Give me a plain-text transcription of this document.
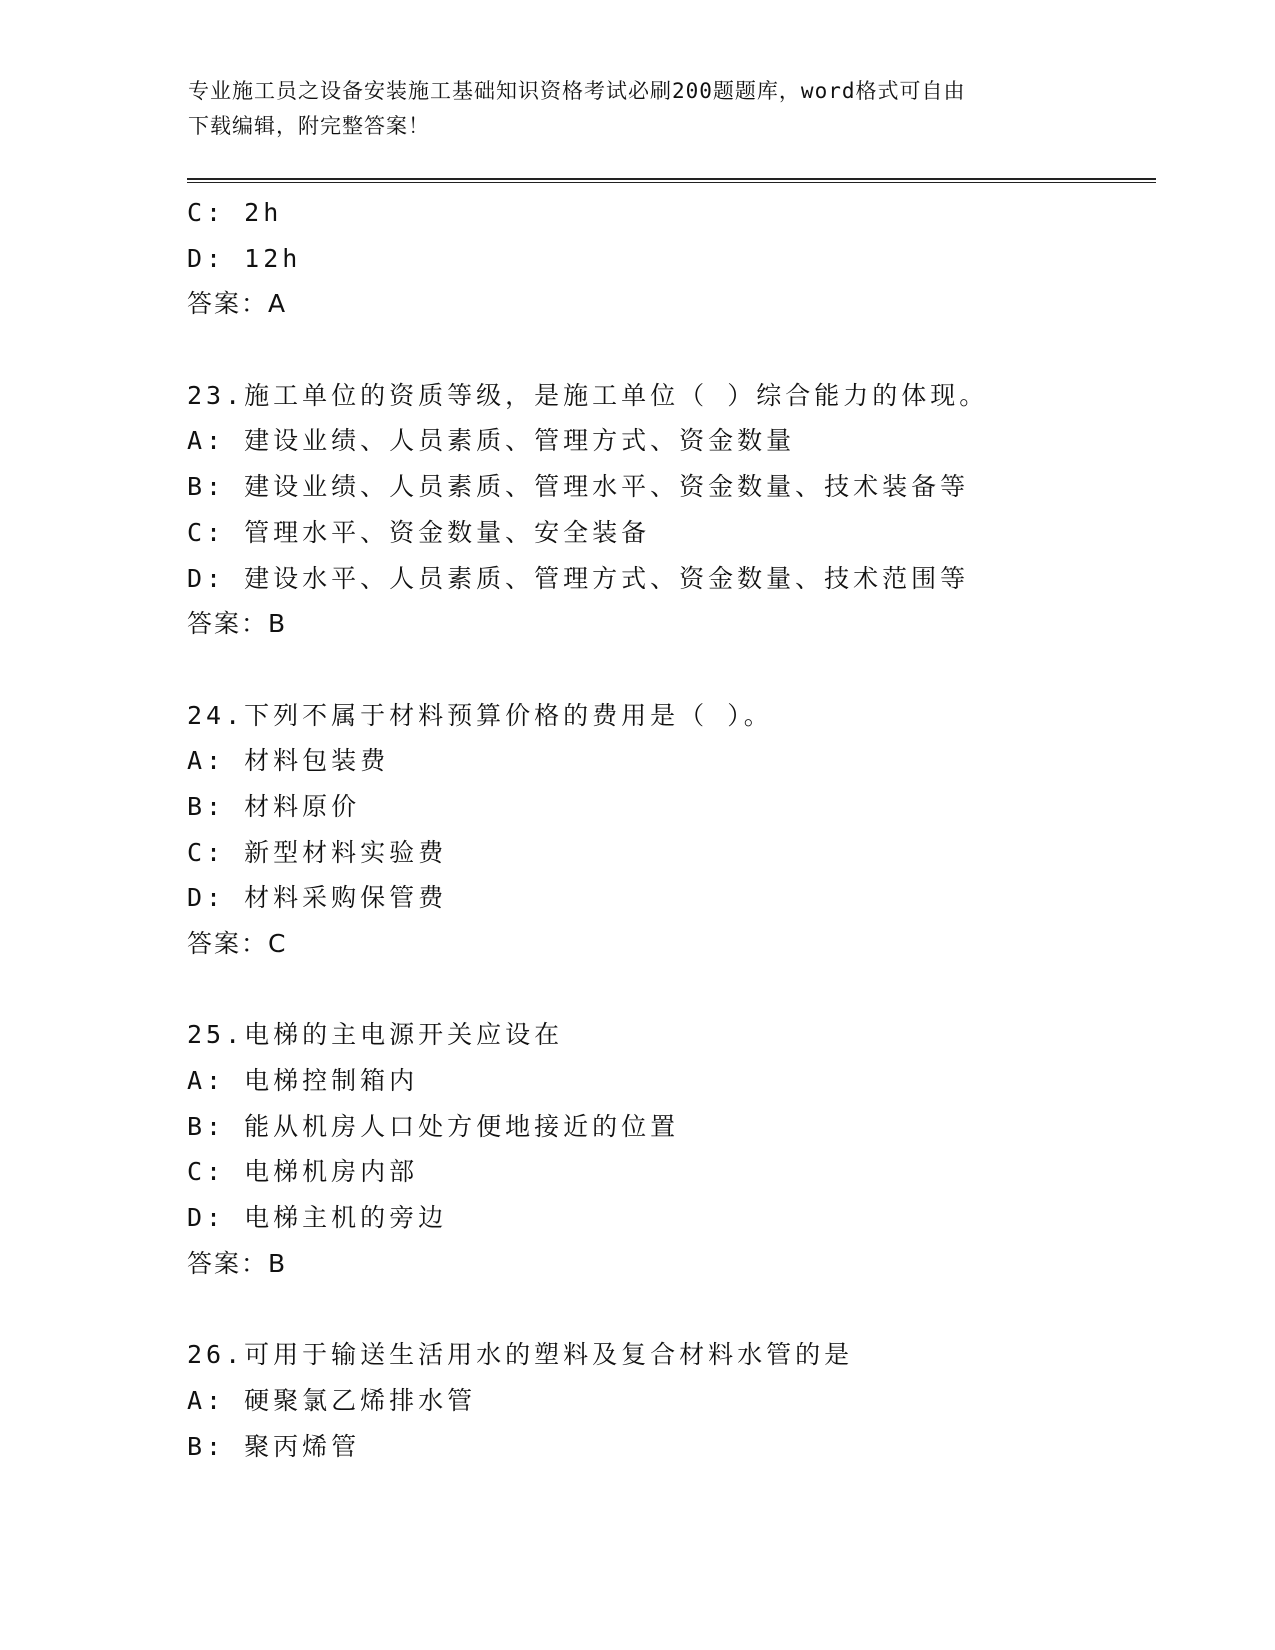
专业施工员之设备安装施工基础知识资格考试必刷200题题库，word格式可自由
下载编辑，附完整答案！
C: 2h
D: 12h
答案：A
23.施工单位的资质等级，是施工单位（ ）综合能力的体现。
A: 建设业绩、人员素质、管理方式、资金数量
B: 建设业绩、人员素质、管理水平、资金数量、技术装备等
C: 管理水平、资金数量、安全装备
D: 建设水平、人员素质、管理方式、资金数量、技术范围等
答案：B
24.下列不属于材料预算价格的费用是（ ）。
A: 材料包装费
B: 材料原价
C: 新型材料实验费
D: 材料采购保管费
答案：C
25.电梯的主电源开关应设在
A: 电梯控制箱内
B: 能从机房人口处方便地接近的位置
C: 电梯机房内部
D: 电梯主机的旁边
答案：B
26.可用于输送生活用水的塑料及复合材料水管的是
A: 硬聚氯乙烯排水管
B: 聚丙烯管
